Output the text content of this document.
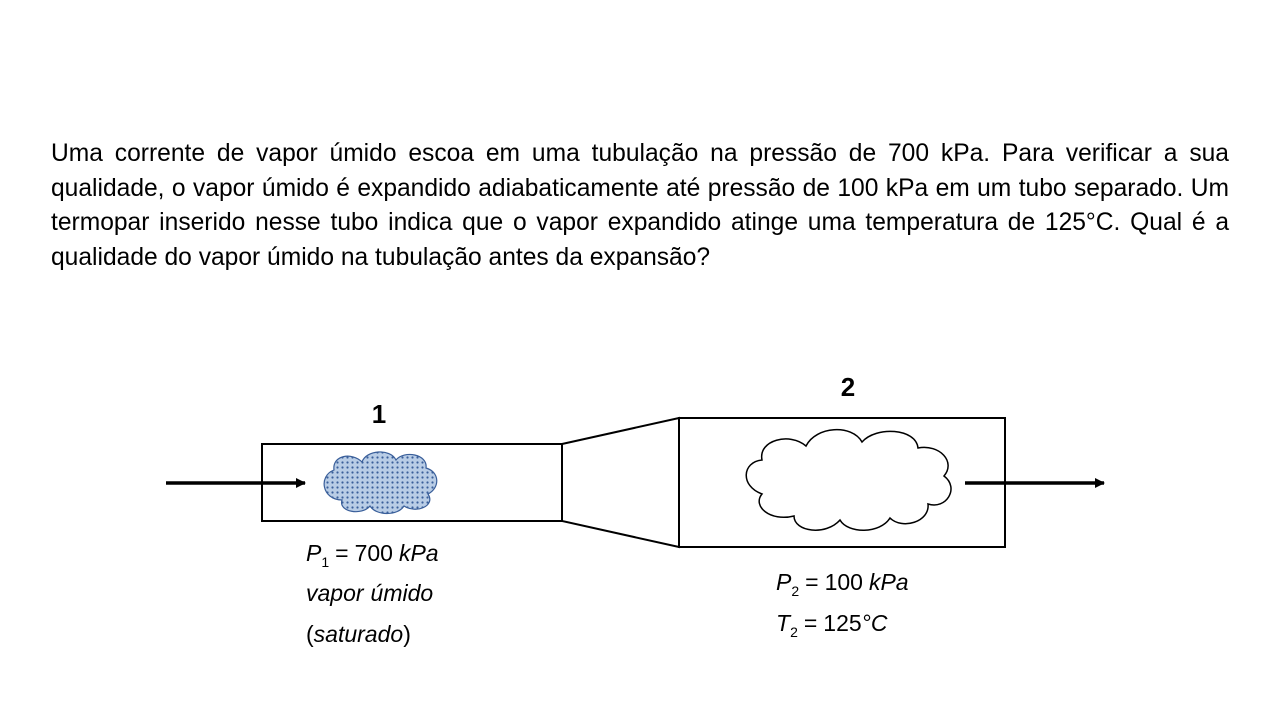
Uma corrente de vapor úmido escoa em uma tubulação na pressão de 700 kPa. Para verificar a sua qualidade, o vapor úmido é expandido adiabaticamente até pressão de 100 kPa em um tubo separado. Um termopar inserido nesse tubo indica que o vapor expandido atinge uma temperatura de 125°C. Qual é a qualidade do vapor úmido na tubulação antes da expansão?

1
2
$P_1 = 700$ kPa
vapor úmido
(saturado)
$P_2 = 100$ kPa
$T_2 = 125^\circ C$
